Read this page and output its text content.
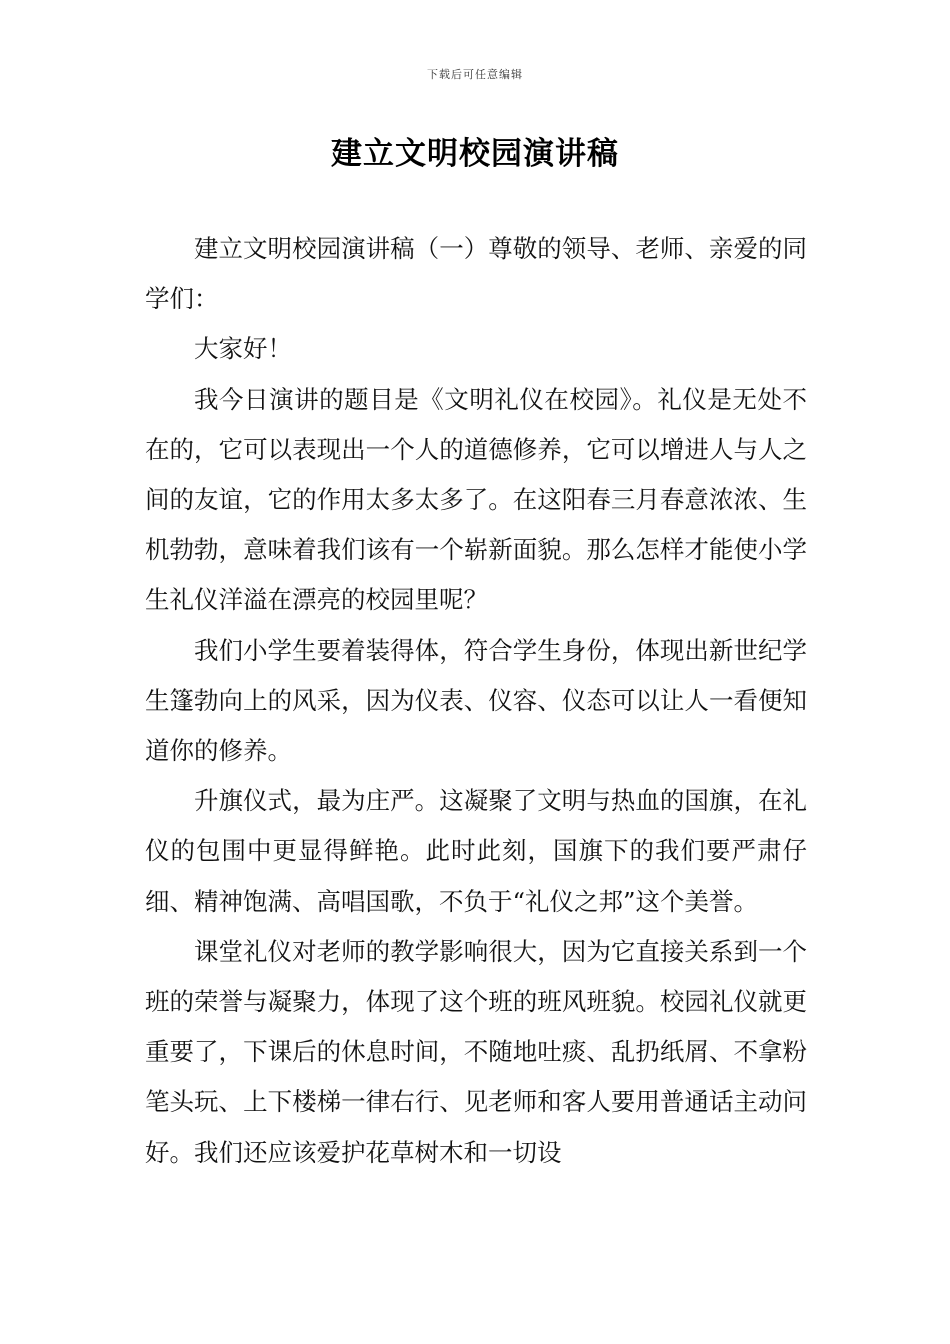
下载后可任意编辑
建立文明校园演讲稿

建立文明校园演讲稿（一）尊敬的领导、老师、亲爱的同学们：

大家好！

我今日演讲的题目是《文明礼仪在校园》。礼仪是无处不在的，它可以表现出一个人的道德修养，它可以增进人与人之间的友谊，它的作用太多太多了。在这阳春三月春意浓浓、生机勃勃，意味着我们该有一个崭新面貌。那么怎样才能使小学生礼仪洋溢在漂亮的校园里呢？

我们小学生要着装得体，符合学生身份，体现出新世纪学生篷勃向上的风采，因为仪表、仪容、仪态可以让人一看便知道你的修养。

升旗仪式，最为庄严。这凝聚了文明与热血的国旗，在礼仪的包围中更显得鲜艳。此时此刻，国旗下的我们要严肃仔细、精神饱满、高唱国歌，不负于“礼仪之邦”这个美誉。

课堂礼仪对老师的教学影响很大，因为它直接关系到一个班的荣誉与凝聚力，体现了这个班的班风班貌。校园礼仪就更重要了，下课后的休息时间，不随地吐痰、乱扔纸屑、不拿粉笔头玩、上下楼梯一律右行、见老师和客人要用普通话主动问好。我们还应该爱护花草树木和一切设
